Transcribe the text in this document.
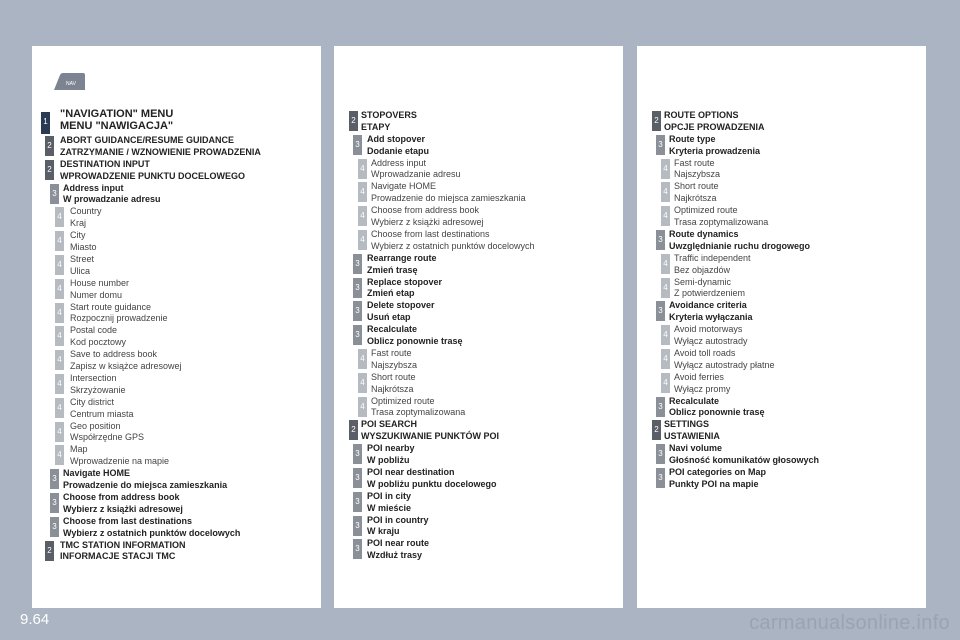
NAV
1
"NAVIGATION" MENU
MENU "NAWIGACJA"
2
ABORT GUIDANCE/RESUME GUIDANCE
ZATRZYMANIE / WZNOWIENIE PROWADZENIA
2
DESTINATION INPUT
WPROWADZENIE PUNKTU DOCELOWEGO
3
Address input
W prowadzanie adresu
4
Country
Kraj
4
City
Miasto
4
Street
Ulica
4
House number
Numer domu
4
Start route guidance
Rozpocznij prowadzenie
4
Postal code
Kod pocztowy
4
Save to address book
Zapisz w książce adresowej
4
Intersection
Skrzyżowanie
4
City district
Centrum miasta
4
Geo position
Współrzędne GPS
4
Map
Wprowadzenie na mapie
3
Navigate HOME
Prowadzenie do miejsca zamieszkania
3
Choose from address book
Wybierz z książki adresowej
3
Choose from last destinations
Wybierz z ostatnich punktów docelowych
2
TMC STATION INFORMATION
INFORMACJE STACJI TMC
2
STOPOVERS
ETAPY
3
Add stopover
Dodanie etapu
4
Address input
Wprowadzanie adresu
4
Navigate HOME
Prowadzenie do miejsca zamieszkania
4
Choose from address book
Wybierz z książki adresowej
4
Choose from last destinations
Wybierz z ostatnich punktów docelowych
3
Rearrange route
Zmień trasę
3
Replace stopover
Zmień etap
3
Delete stopover
Usuń etap
3
Recalculate
Oblicz ponownie trasę
4
Fast route
Najszybsza
4
Short route
Najkrótsza
4
Optimized route
Trasa zoptymalizowana
2
POI SEARCH
WYSZUKIWANIE PUNKTÓW POI
3
POI nearby
W pobliżu
3
POI near destination
W pobliżu punktu docelowego
3
POI in city
W mieście
3
POI in country
W kraju
3
POI near route
Wzdłuż trasy
2
ROUTE OPTIONS
OPCJE PROWADZENIA
3
Route type
Kryteria prowadzenia
4
Fast route
Najszybsza
4
Short route
Najkrótsza
4
Optimized route
Trasa zoptymalizowana
3
Route dynamics
Uwzględnianie ruchu drogowego
4
Traffic independent
Bez objazdów
4
Semi-dynamic
Z potwierdzeniem
3
Avoidance criteria
Kryteria wyłączania
4
Avoid motorways
Wyłącz autostrady
4
Avoid toll roads
Wyłącz autostrady płatne
4
Avoid ferries
Wyłącz promy
3
Recalculate
Oblicz ponownie trasę
2
SETTINGS
USTAWIENIA
3
Navi volume
Głośność komunikatów głosowych
3
POI categories on Map
Punkty POI na mapie
9.64	carmanualsonline.info
